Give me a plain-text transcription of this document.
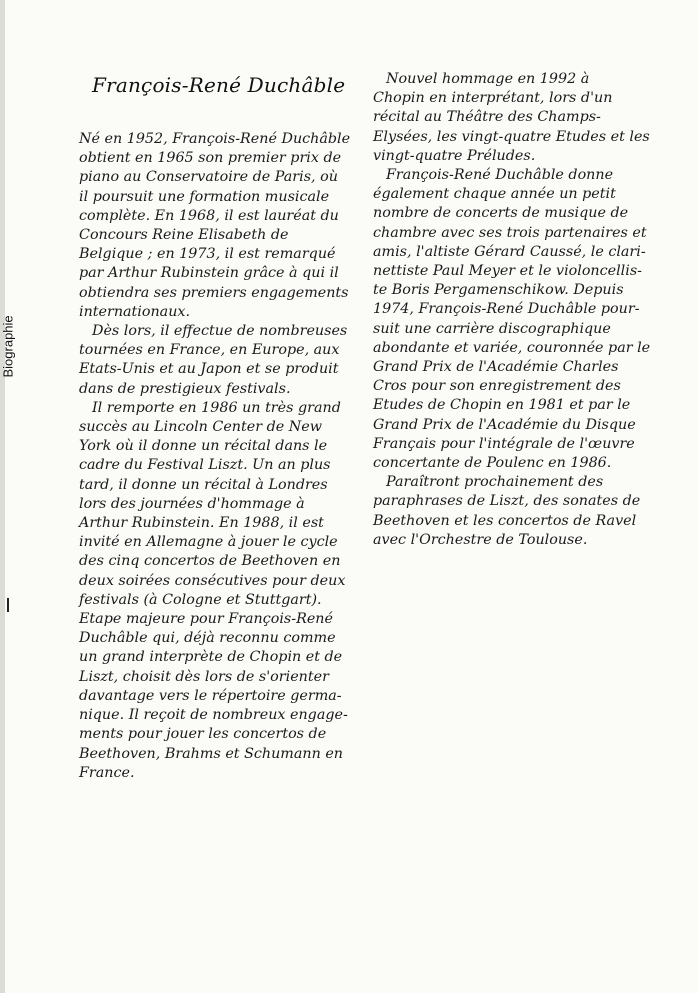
Biographie
François-René Duchâble
Né en 1952, François-René Duchâble
obtient en 1965 son premier prix de
piano au Conservatoire de Paris, où
il poursuit une formation musicale
complète. En 1968, il est lauréat du
Concours Reine Elisabeth de
Belgique ; en 1973, il est remarqué
par Arthur Rubinstein grâce à qui il
obtiendra ses premiers engagements
internationaux.
Dès lors, il effectue de nombreuses
tournées en France, en Europe, aux
Etats-Unis et au Japon et se produit
dans de prestigieux festivals.
Il remporte en 1986 un très grand
succès au Lincoln Center de New
York où il donne un récital dans le
cadre du Festival Liszt. Un an plus
tard, il donne un récital à Londres
lors des journées d'hommage à
Arthur Rubinstein. En 1988, il est
invité en Allemagne à jouer le cycle
des cinq concertos de Beethoven en
deux soirées consécutives pour deux
festivals (à Cologne et Stuttgart).
Etape majeure pour François-René
Duchâble qui, déjà reconnu comme
un grand interprète de Chopin et de
Liszt, choisit dès lors de s'orienter
davantage vers le répertoire germa-
nique. Il reçoit de nombreux engage-
ments pour jouer les concertos de
Beethoven, Brahms et Schumann en
France.
Nouvel hommage en 1992 à
Chopin en interprétant, lors d'un
récital au Théâtre des Champs-
Elysées, les vingt-quatre Etudes et les
vingt-quatre Préludes.
François-René Duchâble donne
également chaque année un petit
nombre de concerts de musique de
chambre avec ses trois partenaires et
amis, l'altiste Gérard Caussé, le clari-
nettiste Paul Meyer et le violoncellis-
te Boris Pergamenschikow. Depuis
1974, François-René Duchâble pour-
suit une carrière discographique
abondante et variée, couronnée par le
Grand Prix de l'Académie Charles
Cros pour son enregistrement des
Etudes de Chopin en 1981 et par le
Grand Prix de l'Académie du Disque
Français pour l'intégrale de l'œuvre
concertante de Poulenc en 1986.
Paraîtront prochainement des
paraphrases de Liszt, des sonates de
Beethoven et les concertos de Ravel
avec l'Orchestre de Toulouse.
